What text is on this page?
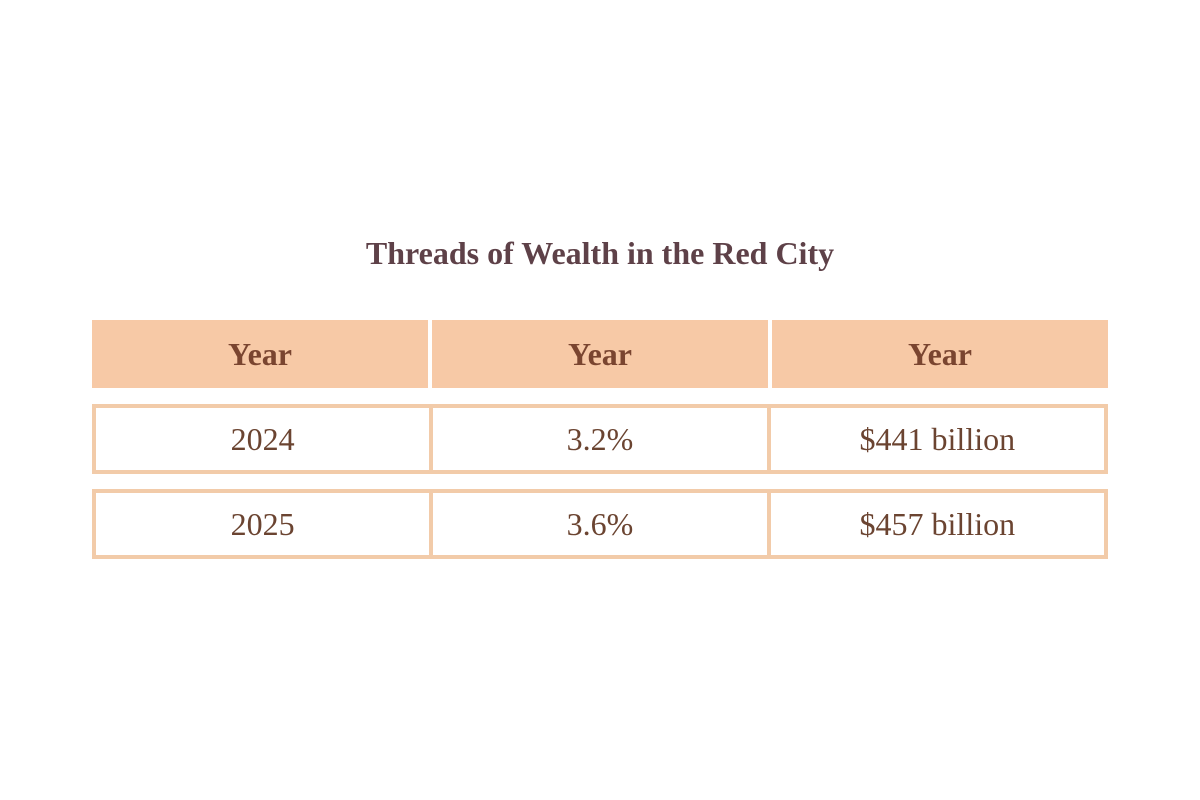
Threads of Wealth in the Red City
Year	Year	Year
2024	3.2%	$441 billion
2025	3.6%	$457 billion
